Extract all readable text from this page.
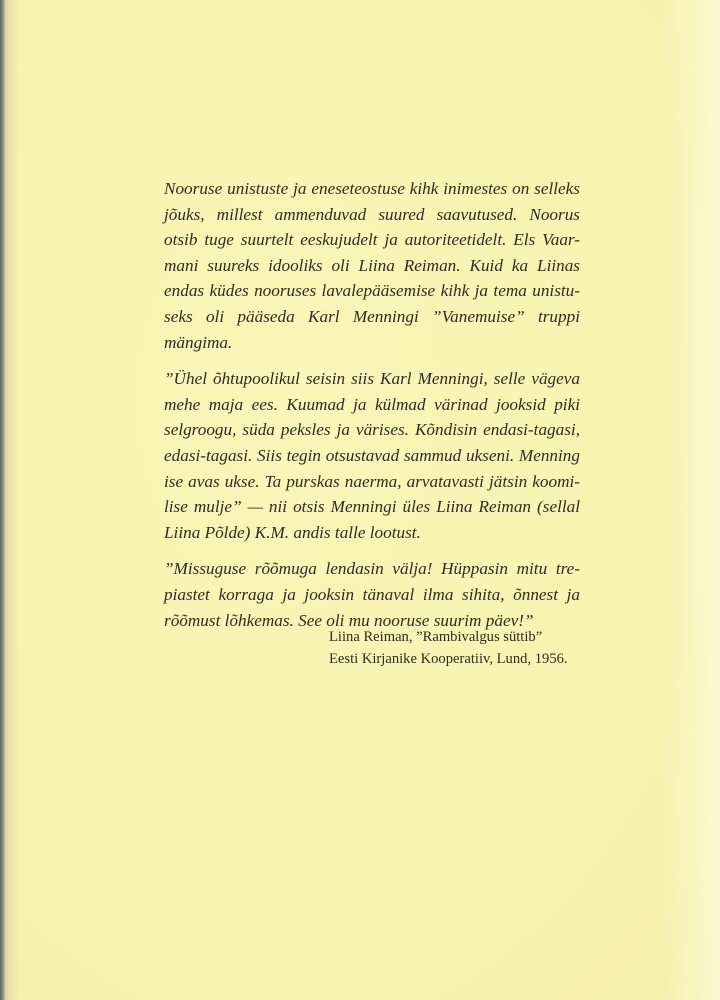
Nooruse unistuste ja eneseteostuse kihk inimestes on selleks
jõuks, millest ammenduvad suured saavutused. Noorus
otsib tuge suurtelt eeskujudelt ja autoriteetidelt. Els Vaar-
mani suureks idooliks oli Liina Reiman. Kuid ka Liinas
endas küdes nooruses lavalepääsemise kihk ja tema unistu-
seks oli pääseda Karl Menningi ”Vanemuise” truppi
mängima.

”Ühel õhtupoolikul seisin siis Karl Menningi, selle vägeva
mehe maja ees. Kuumad ja külmad värinad jooksid piki
selgroogu, süda peksles ja värises. Kõndisin endasi-tagasi,
edasi-tagasi. Siis tegin otsustavad sammud ukseni. Menning
ise avas ukse. Ta purskas naerma, arvatavasti jätsin koomi-
lise mulje” — nii otsis Menningi üles Liina Reiman (sellal
Liina Põlde) K.M. andis talle lootust.

”Missuguse rõõmuga lendasin välja! Hüppasin mitu tre-
piastet korraga ja jooksin tänaval ilma sihita, õnnest ja
rõõmust lõhkemas. See oli mu nooruse suurim päev!”

Liina Reiman, ”Rambivalgus süttib”
Eesti Kirjanike Kooperatiiv, Lund, 1956.
